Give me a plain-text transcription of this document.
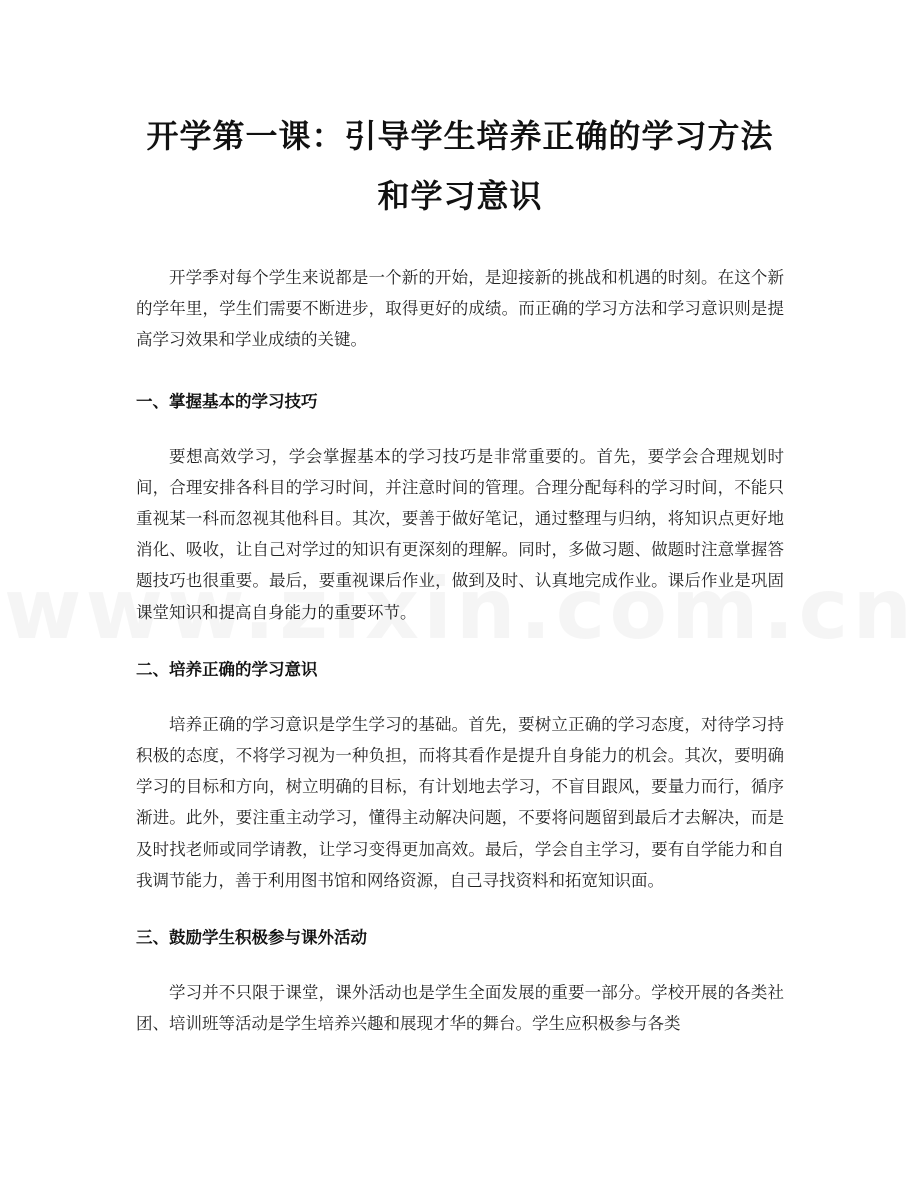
开学第一课：引导学生培养正确的学习方法
和学习意识

开学季对每个学生来说都是一个新的开始，是迎接新的挑战和机遇的时刻。在这个新的学年里，学生们需要不断进步，取得更好的成绩。而正确的学习方法和学习意识则是提高学习效果和学业成绩的关键。

一、掌握基本的学习技巧

要想高效学习，学会掌握基本的学习技巧是非常重要的。首先，要学会合理规划时间，合理安排各科目的学习时间，并注意时间的管理。合理分配每科的学习时间，不能只重视某一科而忽视其他科目。其次，要善于做好笔记，通过整理与归纳，将知识点更好地消化、吸收，让自己对学过的知识有更深刻的理解。同时，多做习题、做题时注意掌握答题技巧也很重要。最后，要重视课后作业，做到及时、认真地完成作业。课后作业是巩固课堂知识和提高自身能力的重要环节。

二、培养正确的学习意识

培养正确的学习意识是学生学习的基础。首先，要树立正确的学习态度，对待学习持积极的态度，不将学习视为一种负担，而将其看作是提升自身能力的机会。其次，要明确学习的目标和方向，树立明确的目标，有计划地去学习，不盲目跟风，要量力而行，循序渐进。此外，要注重主动学习，懂得主动解决问题，不要将问题留到最后才去解决，而是及时找老师或同学请教，让学习变得更加高效。最后，学会自主学习，要有自学能力和自我调节能力，善于利用图书馆和网络资源，自己寻找资料和拓宽知识面。

三、鼓励学生积极参与课外活动

学习并不只限于课堂，课外活动也是学生全面发展的重要一部分。学校开展的各类社团、培训班等活动是学生培养兴趣和展现才华的舞台。学生应积极参与各类
